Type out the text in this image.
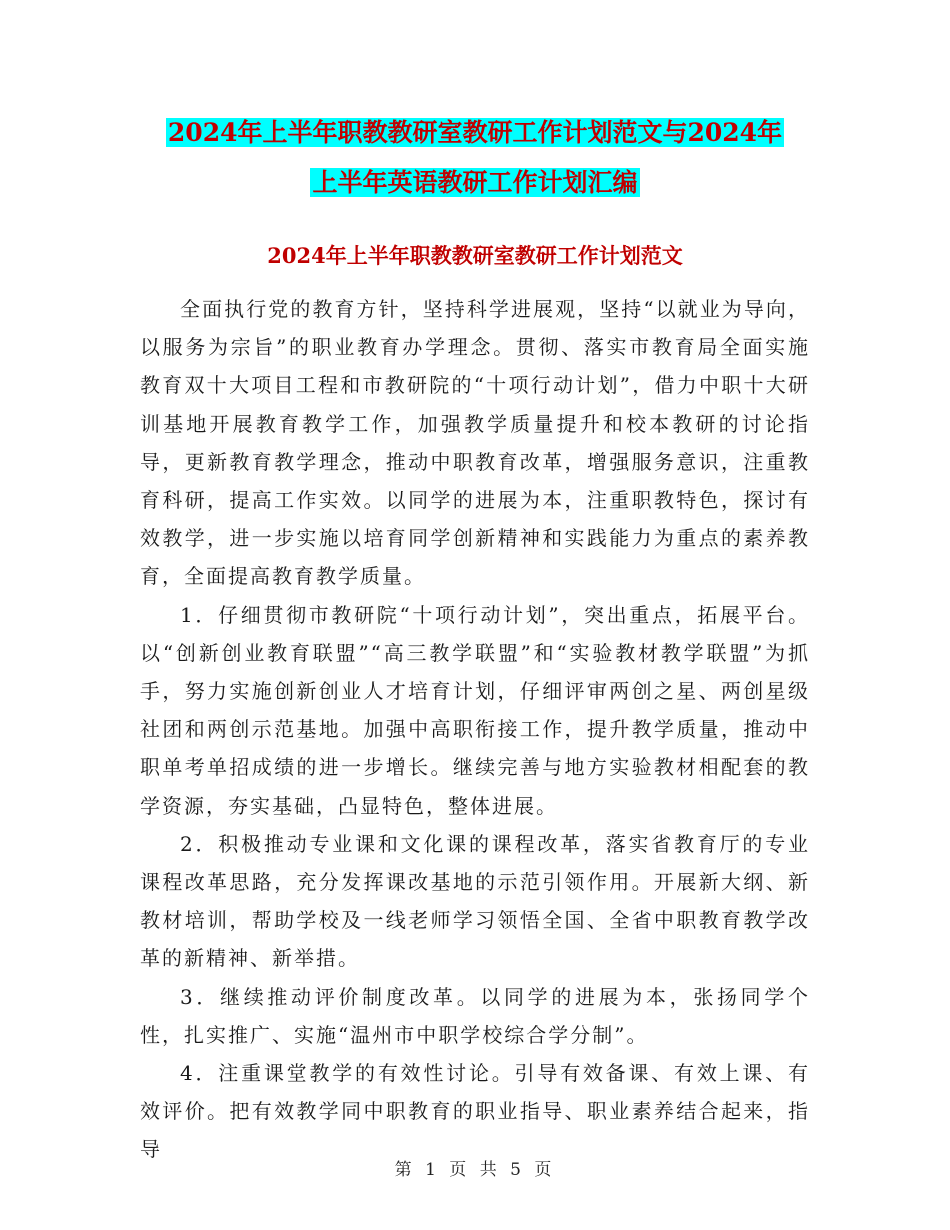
2024年上半年职教教研室教研工作计划范文与2024年
上半年英语教研工作计划汇编
2024年上半年职教教研室教研工作计划范文

全面执行党的教育方针，坚持科学进展观，坚持“以就业为导向，以服务为宗旨”的职业教育办学理念。贯彻、落实市教育局全面实施教育双十大项目工程和市教研院的“十项行动计划”，借力中职十大研训基地开展教育教学工作，加强教学质量提升和校本教研的讨论指导，更新教育教学理念，推动中职教育改革，增强服务意识，注重教育科研，提高工作实效。以同学的进展为本，注重职教特色，探讨有效教学，进一步实施以培育同学创新精神和实践能力为重点的素养教育，全面提高教育教学质量。

1．仔细贯彻市教研院“十项行动计划”，突出重点，拓展平台。以“创新创业教育联盟”“高三教学联盟”和“实验教材教学联盟”为抓手，努力实施创新创业人才培育计划，仔细评审两创之星、两创星级社团和两创示范基地。加强中高职衔接工作，提升教学质量，推动中职单考单招成绩的进一步增长。继续完善与地方实验教材相配套的教学资源，夯实基础，凸显特色，整体进展。

2．积极推动专业课和文化课的课程改革，落实省教育厅的专业课程改革思路，充分发挥课改基地的示范引领作用。开展新大纲、新教材培训，帮助学校及一线老师学习领悟全国、全省中职教育教学改革的新精神、新举措。

3．继续推动评价制度改革。以同学的进展为本，张扬同学个性，扎实推广、实施“温州市中职学校综合学分制”。

4．注重课堂教学的有效性讨论。引导有效备课、有效上课、有效评价。把有效教学同中职教育的职业指导、职业素养结合起来，指导

第 1 页 共 5 页
